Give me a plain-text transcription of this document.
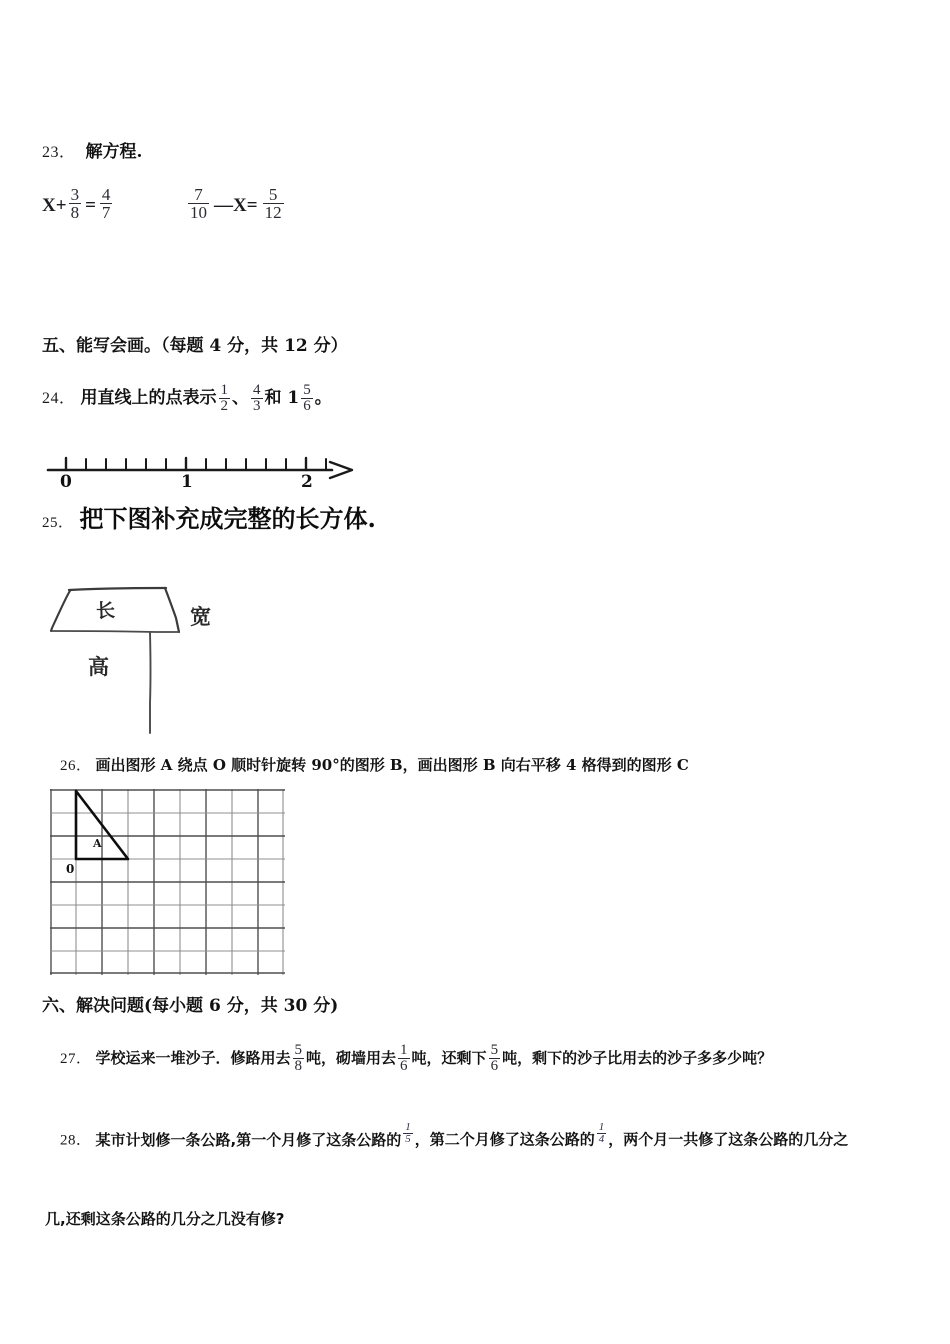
23． 解方程.
$X+ \frac{3}{8} = \frac{4}{7}$	$\frac{7}{10}$ —X= $\frac{5}{12}$
五、能写会画。（每题 4 分，共 12 分）
24． 用直线上的点表示 $\frac{1}{2}$ 、 $\frac{4}{3}$ 和 $1 \frac{5}{6}$ 。
0	1	2
25． 把下图补充成完整的长方体.
长	宽
高
26． 画出图形 A 绕点 O 顺时针旋转 90°的图形 B，画出图形 B 向右平移 4 格得到的图形 C
A
0
六、解决问题(每小题 6 分，共 30 分)
27． 学校运来一堆沙子．修路用去 $\frac{5}{8}$ 吨，砌墙用去 $\frac{1}{6}$ 吨，还剩下 $\frac{5}{6}$ 吨，剩下的沙子比用去的沙子多多少吨？
28． 某市计划修一条公路,第一个月修了这条公路的 $\frac{1}{5}$ ，第二个月修了这条公路的 $\frac{1}{4}$ ，两个月一共修了这条公路的几分之
几,还剩这条公路的几分之几没有修?
